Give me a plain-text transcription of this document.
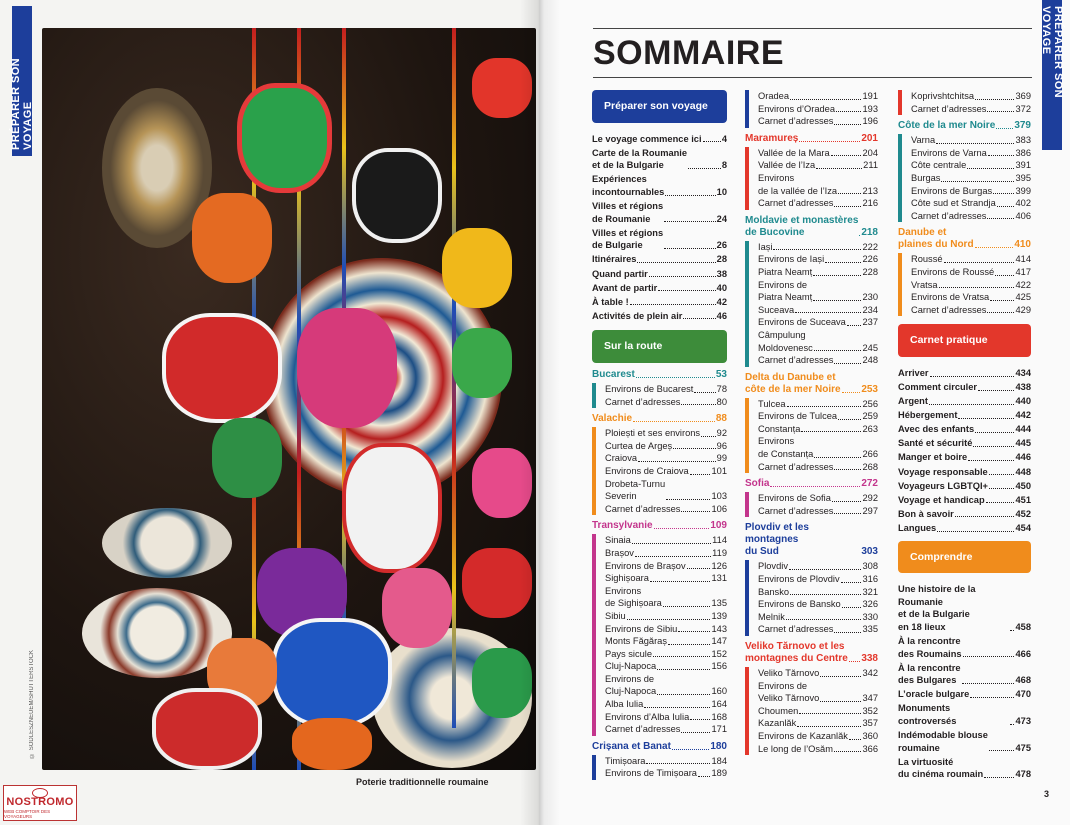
PRÉPARER SON VOYAGE
© SODLESZNEUEM/SHUTTERSTOCK
Poterie traditionnelle roumaine
NOSTROMO
WEB COMPTOIR DES VOYAGEURS
SOMMAIRE	PRÉPARER SON VOYAGE
Préparer son voyage
Le voyage commence ici 4
Carte de la Roumanie
et de la Bulgarie	8
Expériences
incontournables	10
Villes et régions
de Roumanie	24
Villes et régions
de Bulgarie	26
Itinéraires	28
Quand partir	38
Avant de partir	40
À table !	42
Activités de plein air	46
Sur la route
Bucarest	53
Environs de Bucarest	78
Carnet d’adresses	80
Valachie	88
Ploiești et ses environs 92
Curtea de Argeș	96
Craiova	99
Environs de Craiova 101
Drobeta-Turnu
Severin	103
Carnet d’adresses	106
Transylvanie	109
Sinaia	114
Brașov	119
Environs de Brașov	126
Sighișoara	131
Environs
de Sighișoara	135
Sibiu	139
Environs de Sibiu	143
Monts Făgăraș	147
Pays sicule	152
Cluj-Napoca	156
Environs de
Cluj-Napoca	160
Alba Iulia	164
Environs d’Alba Iulia 168
Carnet d’adresses	171
Crișana et Banat	180
Timișoara	184
Environs de Timișoara 189
Oradea	191
Environs d’Oradea	193
Carnet d’adresses	196
Maramureș	201
Vallée de la Mara	204
Vallée de l’Iza	211
Environs
de la vallée de l’Iza	213
Carnet d’adresses	216
Moldavie et monastères
de Bucovine	218
Iași	222
Environs de Iași	226
Piatra Neamț	228
Environs de
Piatra Neamț	230
Suceava	234
Environs de Suceava 237
Câmpulung
Moldovenesc	245
Carnet d’adresses	248
Delta du Danube et
côte de la mer Noire 253
Tulcea	256
Environs de Tulcea	259
Constanța	263
Environs
de Constanța	266
Carnet d’adresses	268
Sofia	272
Environs de Sofia	292
Carnet d’adresses	297
Plovdiv et les montagnes
du Sud	303
Plovdiv	308
Environs de Plovdiv 316
Bansko	321
Environs de Bansko 326
Melnik	330
Carnet d’adresses	335
Veliko Tărnovo et les
montagnes du Centre 338
Veliko Tărnovo	342
Environs de
Veliko Tărnovo	347
Choumen	352
Kazanlăk	357
Environs de Kazanlăk 360
Le long de l’Osăm	366
Koprivshtchitsa	369
Carnet d’adresses	372
Côte de la mer Noire 379
Varna	383
Environs de Varna	386
Côte centrale	391
Burgas	395
Environs de Burgas	399
Côte sud et Strandja 402
Carnet d’adresses	406
Danube et
plaines du Nord	410
Roussé	414
Environs de Roussé 417
Vratsa	422
Environs de Vratsa	425
Carnet d’adresses	429
Carnet pratique
Arriver	434
Comment circuler	438
Argent	440
Hébergement	442
Avec des enfants	444
Santé et sécurité	445
Manger et boire	446
Voyage responsable	448
Voyageurs LGBTQI+	450
Voyage et handicap	451
Bon à savoir	452
Langues	454
Comprendre
Une histoire de la Roumanie
et de la Bulgarie
en 18 lieux	458
À la rencontre
des Roumains	466
À la rencontre
des Bulgares	468
L’oracle bulgare	470
Monuments controversés	473
Indémodable blouse
roumaine	475
La virtuosité
du cinéma roumain	478
3
